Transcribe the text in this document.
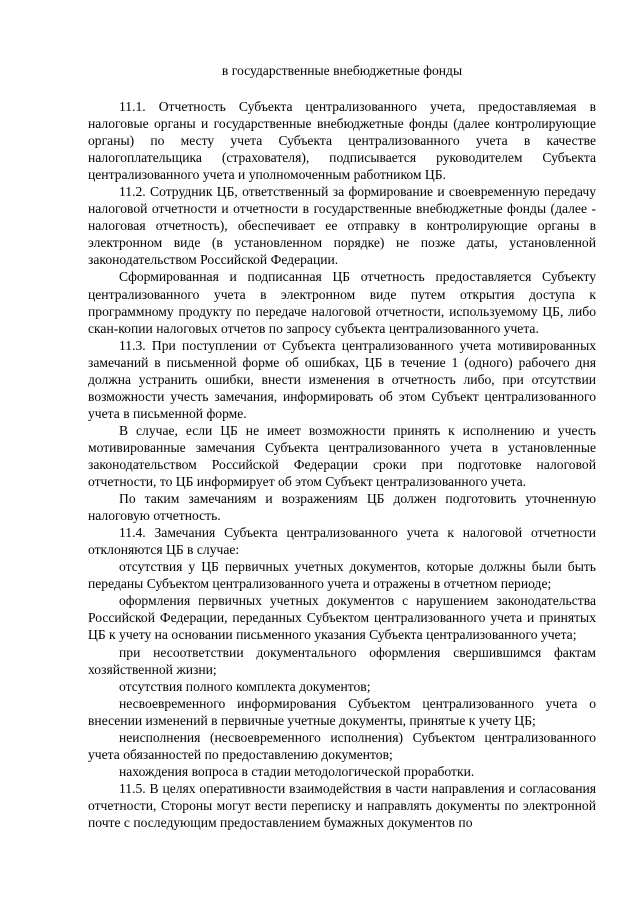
в государственные внебюджетные фонды

11.1. Отчетность Субъекта централизованного учета, предоставляемая в налоговые органы и государственные внебюджетные фонды (далее контролирующие органы) по месту учета Субъекта централизованного учета в качестве налогоплательщика (страхователя), подписывается руководителем Субъекта централизованного учета и уполномоченным работником ЦБ.

11.2. Сотрудник ЦБ, ответственный за формирование и своевременную передачу налоговой отчетности и отчетности в государственные внебюджетные фонды (далее - налоговая отчетность), обеспечивает ее отправку в контролирующие органы в электронном виде (в установленном порядке) не позже даты, установленной законодательством Российской Федерации.

Сформированная и подписанная ЦБ отчетность предоставляется Субъекту централизованного учета в электронном виде путем открытия доступа к программному продукту по передаче налоговой отчетности, используемому ЦБ, либо скан-копии налоговых отчетов по запросу субъекта централизованного учета.

11.3. При поступлении от Субъекта централизованного учета мотивированных замечаний в письменной форме об ошибках, ЦБ в течение 1 (одного) рабочего дня должна устранить ошибки, внести изменения в отчетность либо, при отсутствии возможности учесть замечания, информировать об этом Субъект централизованного учета в письменной форме.

В случае, если ЦБ не имеет возможности принять к исполнению и учесть мотивированные замечания Субъекта централизованного учета в установленные законодательством Российской Федерации сроки при подготовке налоговой отчетности, то ЦБ информирует об этом Субъект централизованного учета.

По таким замечаниям и возражениям ЦБ должен подготовить уточненную налоговую отчетность.

11.4. Замечания Субъекта централизованного учета к налоговой отчетности отклоняются ЦБ в случае:

отсутствия у ЦБ первичных учетных документов, которые должны были быть переданы Субъектом централизованного учета и отражены в отчетном периоде;

оформления первичных учетных документов с нарушением законодательства Российской Федерации, переданных Субъектом централизованного учета и принятых ЦБ к учету на основании письменного указания Субъекта централизованного учета;

при несоответствии документального оформления свершившимся фактам хозяйственной жизни;

отсутствия полного комплекта документов;

несвоевременного информирования Субъектом централизованного учета о внесении изменений в первичные учетные документы, принятые к учету ЦБ;

неисполнения (несвоевременного исполнения) Субъектом централизованного учета обязанностей по предоставлению документов;

нахождения вопроса в стадии методологической проработки.

11.5. В целях оперативности взаимодействия в части направления и согласования отчетности, Стороны могут вести переписку и направлять документы по электронной почте с последующим предоставлением бумажных документов по
